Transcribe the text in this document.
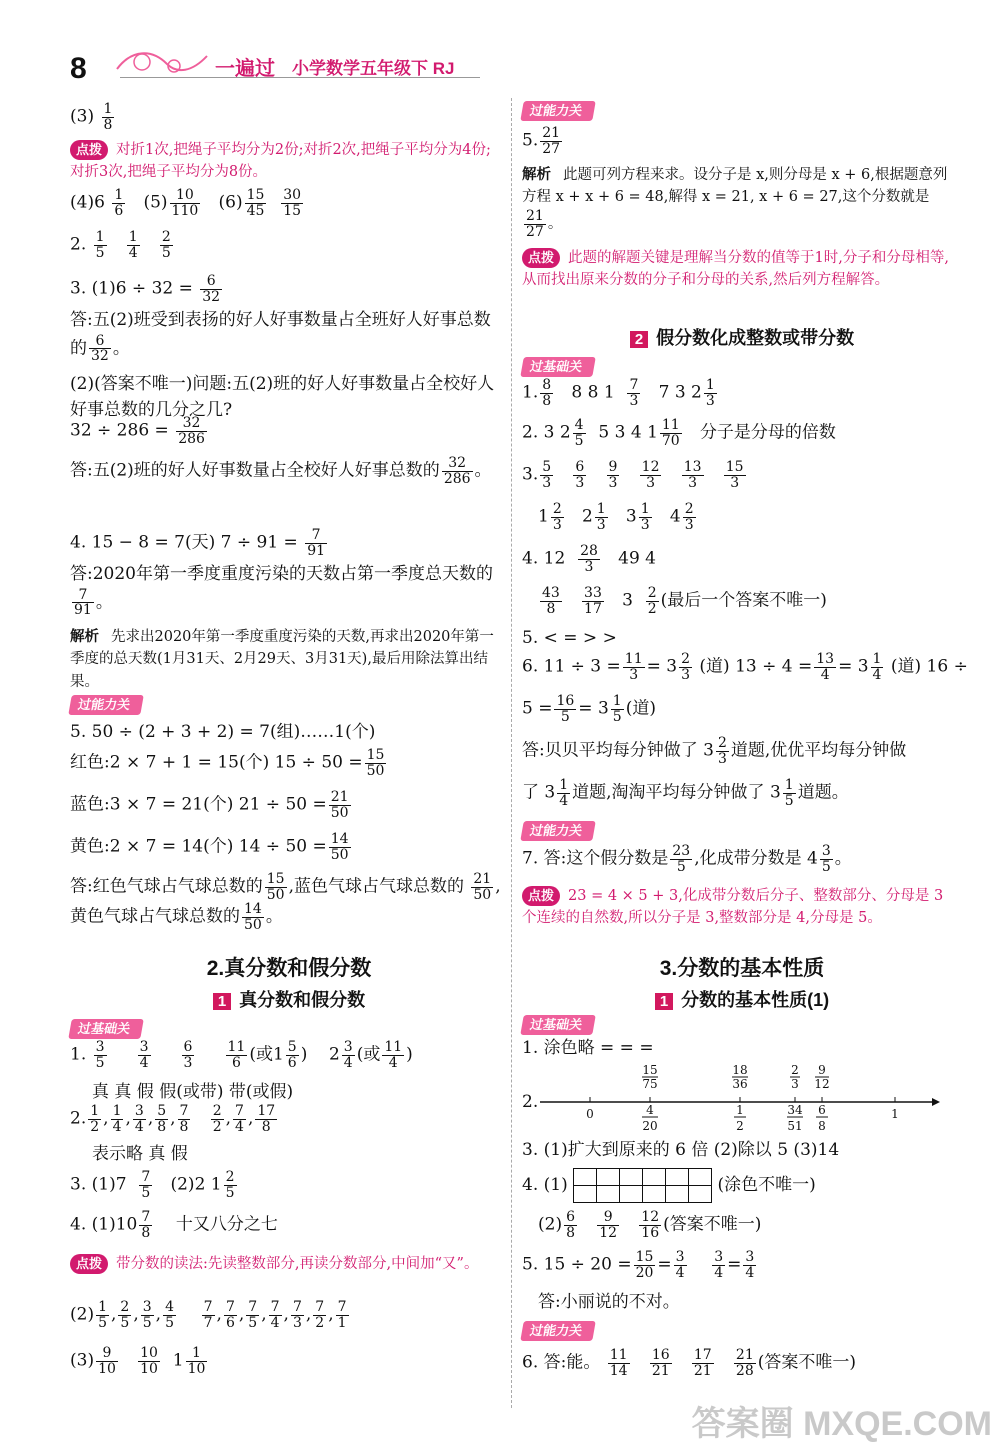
8	一遍过 小学数学五年级下 RJ
$(3) \frac{1}{8}$
点拨 对折1次,把绳子平均分为2份;对折2次,把绳子平均分为4份;对折3次,把绳子平均分为8份。
$(4)6 \frac{1}{6} (5) \frac{10}{110} (6) \frac{15}{45}$
$\frac{30}{15}$
2. $\frac{1}{5}$
$\frac{1}{4}$
$\frac{2}{5}$
3. $(1)6 \div 32 = \frac{6}{32}$
答:五(2)班受到表扬的好人好事数量占全班好人好事总数的 $\frac{6}{32}$ 。
(2)(答案不唯一)问题:五(2)班的好人好事数量占全校好人好事总数的几分之几?
$32 \div 286 = \frac{32}{286}$
答:五(2)班的好人好事数量占全校好人好事总数的 $\frac{32}{286}$ 。
4. 15 − 8 = 7(天) $7 \div 91 = \frac{7}{91}$
答:2020年第一季度重度污染的天数占第一季度总天数的
$\frac{7}{91}$ 。
解析 先求出2020年第一季度重度污染的天数,再求出2020年第一季度的总天数(1月31天、2月29天、3月31天),最后用除法算出结果。
过能力关
5. 50 ÷ (2 + 3 + 2) = 7(组)……1(个)
红色:2 × 7 + 1 = 15(个) $15 \div 50 = \frac{15}{50}$
蓝色:3 × 7 = 21(个) $21 \div 50 = \frac{21}{50}$
黄色:2 × 7 = 14(个) $14 \div 50 = \frac{14}{50}$
答:红色气球占气球总数的 $\frac{15}{50}$ ,蓝色气球占气球总数的 $\frac{21}{50}$ ,黄色气球占气球总数的 $\frac{14}{50}$ 。
2.真分数和假分数
1 真分数和假分数
过基础关
1. $\frac{3}{5}$
$\frac{3}{4}$
$\frac{6}{3}$
$\frac{11}{6}$ (或$1 \frac{5}{6}$ )    $2 \frac{3}{4}$ (或 $\frac{11}{4}$ )
真 真 假 假(或带) 带(或假)
2. $\frac{1}{2}$ , $\frac{1}{4}$ , $\frac{3}{4}$ , $\frac{5}{8}$ , $\frac{7}{8}$
$\frac{2}{2}$ , $\frac{7}{4}$ , $\frac{17}{8}$
表示略 真 假
3. $(1)7 \frac{7}{5} (2)2$ $1 \frac{2}{5}$
4. $(1)10 \frac{7}{8}$ 十又八分之七
点拨 带分数的读法:先读整数部分,再读分数部分,中间加“又”。
$(2) \frac{1}{5}$ , $\frac{2}{5}$ , $\frac{3}{5}$ , $\frac{4}{5}$
$\frac{7}{7}$ , $\frac{7}{6}$ , $\frac{7}{5}$ , $\frac{7}{4}$ , $\frac{7}{3}$ , $\frac{7}{2}$ , $\frac{7}{1}$
$(3) \frac{9}{10}$
$\frac{10}{10} 1 \frac{1}{10}$
过能力关
5. $\frac{21}{27}$
解析 此题可列方程来求。设分子是 x,则分母是 x + 6,根据题意列方程 x + x + 6 = 48,解得 x = 21, x + 6 = 27,这个分数就是
$\frac{21}{27}$ 。
点拨 此题的解题关键是理解当分数的值等于1时,分子和分母相等,从而找出原来分数的分子和分母的关系,然后列方程解答。
2 假分数化成整数或带分数
过基础关
1. $\frac{8}{8} 8$ 8 $1 \frac{7}{3} 7$ 3 $2 \frac{1}{3}$
2. 3 $2 \frac{4}{5} 5$ 3 4 $1 \frac{11}{70}$ 分子是分母的倍数
3. $\frac{5}{3}$
$\frac{6}{3}$
$\frac{9}{3}$
$\frac{12}{3}$
$\frac{13}{3}$
$\frac{15}{3}$
$1 \frac{2}{3} 2 \frac{1}{3} 3 \frac{1}{3} 4 \frac{2}{3}$
4. $12 \frac{28}{3} 49$ 4
$\frac{43}{8}$
$\frac{33}{17} 3 \frac{2}{2}$ (最后一个答案不唯一)
5. < = > >
6. $11 \div 3 = \frac{11}{3} = 3 \frac{2}{3}$ (道) $13 \div 4 = \frac{13}{4} = 3 \frac{1}{4}$ (道) 16 ÷
$5 = \frac{16}{5} = 3 \frac{1}{5}$ (道)
答:贝贝平均每分钟做了 $3 \frac{2}{3}$ 道题,优优平均每分钟做
了 $3 \frac{1}{4}$ 道题,淘淘平均每分钟做了 $3 \frac{1}{5}$ 道题。
过能力关
7. 答:这个假分数是 $\frac{23}{5}$ ,化成带分数是 $4 \frac{3}{5}$ 。
点拨 23 = 4 × 5 + 3,化成带分数后分子、整数部分、分母是 3 个连续的自然数,所以分子是 3,整数部分是 4,分母是 5。
3.分数的基本性质
1 分数的基本性质(1)
过基础关
1. 涂色略 = = =
2.
0
15
75
4
20
18
36
1
2
2
3
34
51
9
12
6
8
1
3. (1)扩大到原来的 6 倍 (2)除以 5 (3)14
4. (1)	(涂色不唯一)
$(2) \frac{6}{8}$
$\frac{9}{12}$
$\frac{12}{16}$ (答案不唯一)
5. $15 \div 20 = \frac{15}{20} = \frac{3}{4}$
$\frac{3}{4} = \frac{3}{4}$
答:小丽说的不对。
过能力关
6. 答:能。 $\frac{11}{14}$
$\frac{16}{21}$
$\frac{17}{21}$
$\frac{21}{28}$ (答案不唯一)
答案圈 MXQE.COM
